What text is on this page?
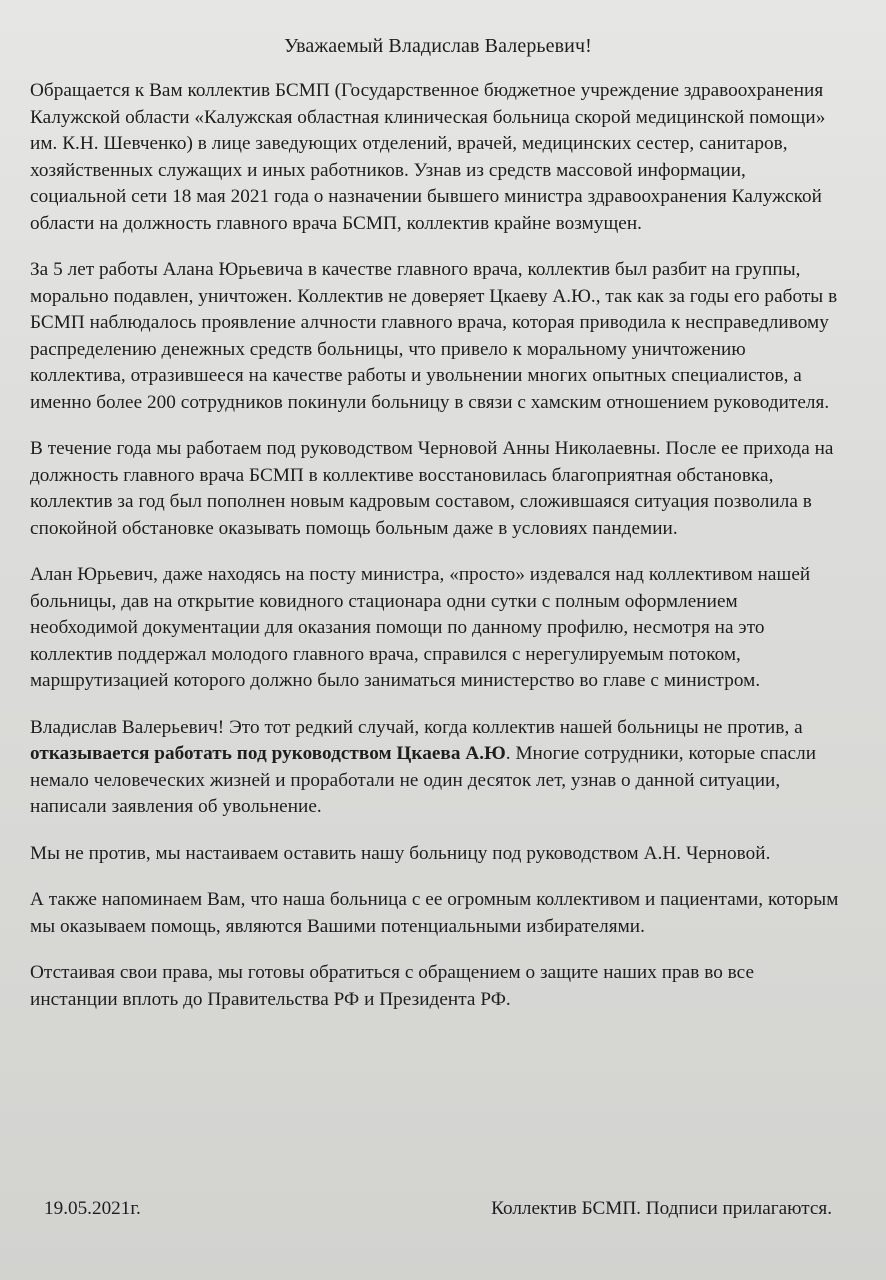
Уважаемый Владислав Валерьевич!

Обращается к Вам коллектив БСМП (Государственное бюджетное учреждение здравоохранения Калужской области «Калужская областная клиническая больница скорой медицинской помощи» им. К.Н. Шевченко) в лице заведующих отделений, врачей, медицинских сестер, санитаров, хозяйственных служащих и иных работников. Узнав из средств массовой информации, социальной сети 18 мая 2021 года о назначении бывшего министра здравоохранения Калужской области на должность главного врача БСМП, коллектив крайне возмущен.

За 5 лет работы Алана Юрьевича в качестве главного врача, коллектив был разбит на группы, морально подавлен, уничтожен. Коллектив не доверяет Цкаеву А.Ю., так как за годы его работы в БСМП наблюдалось проявление алчности главного врача, которая приводила к несправедливому распределению денежных средств больницы, что привело к моральному уничтожению коллектива, отразившееся на качестве работы и увольнении многих опытных специалистов, а именно более 200 сотрудников покинули больницу в связи с хамским отношением руководителя.

В течение года мы работаем под руководством Черновой Анны Николаевны. После ее прихода на должность главного врача БСМП в коллективе восстановилась благоприятная обстановка, коллектив за год был пополнен новым кадровым составом, сложившаяся ситуация позволила в спокойной обстановке оказывать помощь больным даже в условиях пандемии.

Алан Юрьевич, даже находясь на посту министра, «просто» издевался над коллективом нашей больницы, дав на открытие ковидного стационара одни сутки с полным оформлением необходимой документации для оказания помощи по данному профилю, несмотря на это коллектив поддержал молодого главного врача, справился с нерегулируемым потоком, маршрутизацией которого должно было заниматься министерство во главе с министром.

Владислав Валерьевич! Это тот редкий случай, когда коллектив нашей больницы не против, а отказывается работать под руководством Цкаева А.Ю. Многие сотрудники, которые спасли немало человеческих жизней и проработали не один десяток лет, узнав о данной ситуации, написали заявления об увольнение.

Мы не против, мы настаиваем оставить нашу больницу под руководством А.Н. Черновой.

А также напоминаем Вам, что наша больница с ее огромным коллективом и пациентами, которым мы оказываем помощь, являются Вашими потенциальными избирателями.

Отстаивая свои права, мы готовы обратиться с обращением о защите наших прав во все инстанции вплоть до Правительства РФ и Президента РФ.

19.05.2021г.	Коллектив БСМП. Подписи прилагаются.
